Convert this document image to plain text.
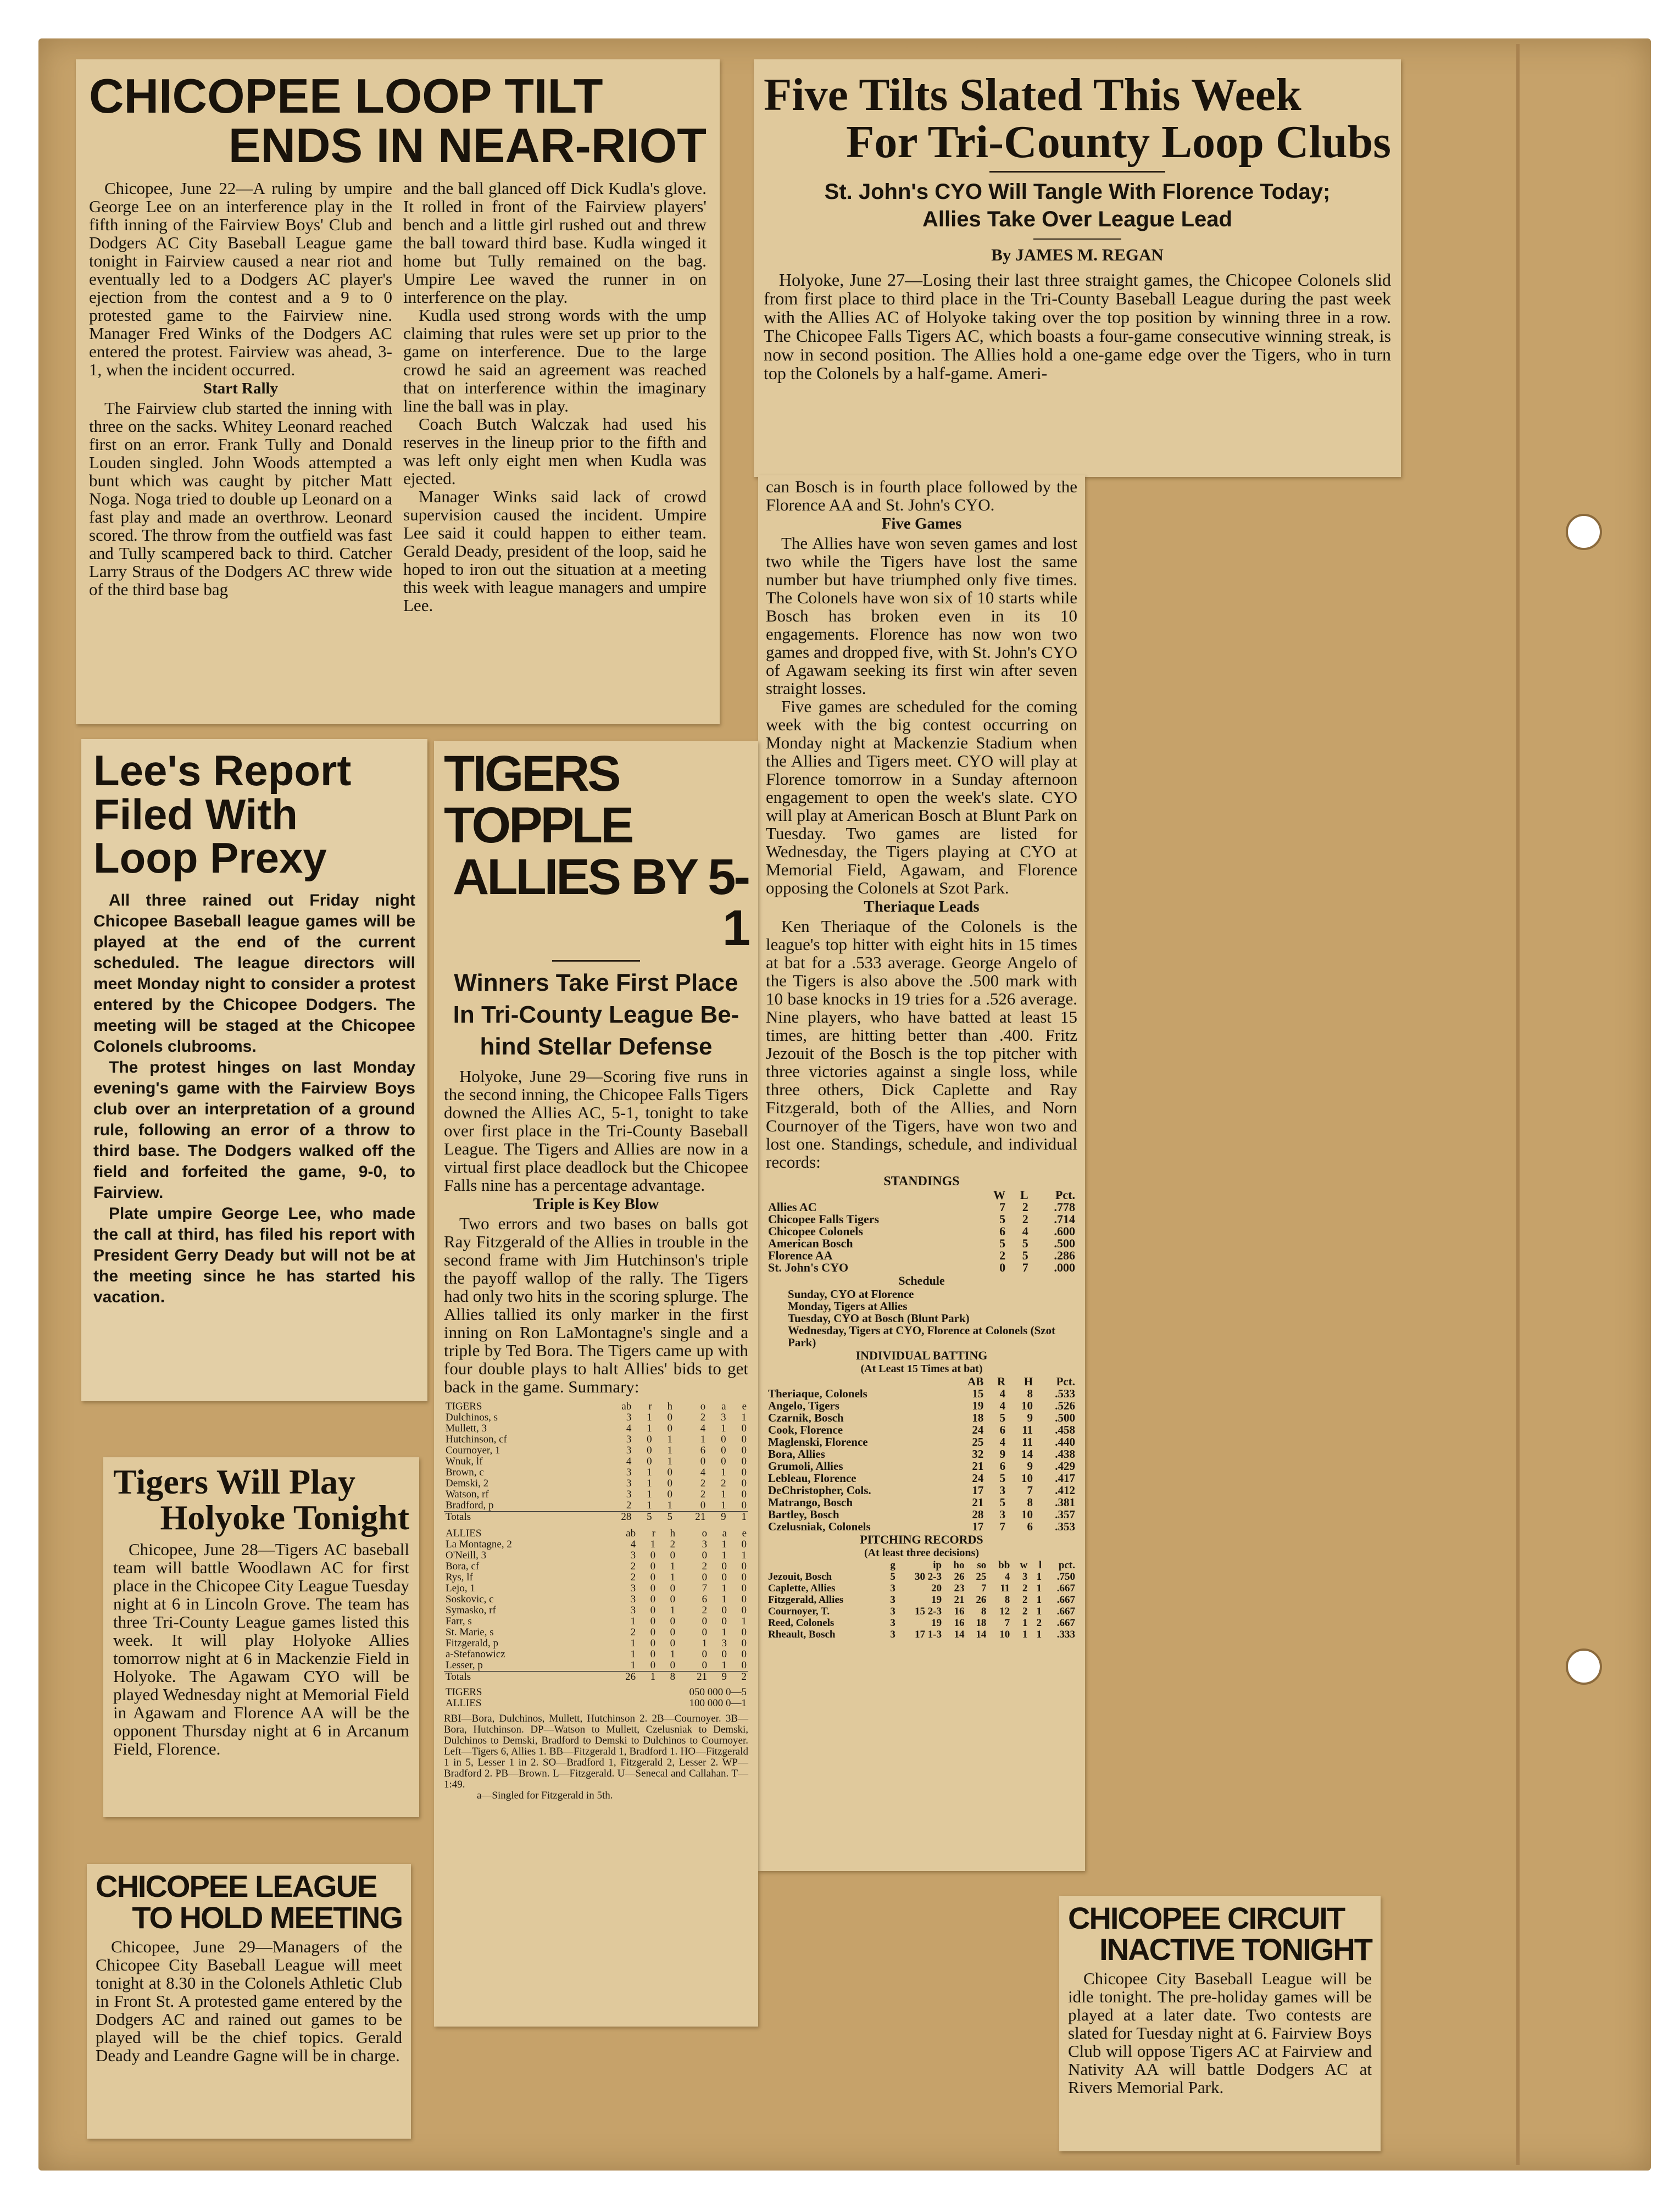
CHICOPEE LOOP TILT
ENDS IN NEAR-RIOT

Chicopee, June 22—A ruling by umpire George Lee on an interference play in the fifth inning of the Fairview Boys' Club and Dodgers AC City Baseball League game tonight in Fairview caused a near riot and eventually led to a Dodgers AC player's ejection from the contest and a 9 to 0 protested game to the Fairview nine. Manager Fred Winks of the Dodgers AC entered the protest. Fairview was ahead, 3-1, when the incident occurred.

Start Rally

The Fairview club started the inning with three on the sacks. Whitey Leonard reached first on an error. Frank Tully and Donald Louden singled. John Woods attempted a bunt which was caught by pitcher Matt Noga. Noga tried to double up Leonard on a fast play and made an overthrow. Leonard scored. The throw from the outfield was fast and Tully scampered back to third. Catcher Larry Straus of the Dodgers AC threw wide of the third base bag

and the ball glanced off Dick Kudla's glove. It rolled in front of the Fairview players' bench and a little girl rushed out and threw the ball toward third base. Kudla winged it home but Tully remained on the bag. Umpire Lee waved the runner in on interference on the play.

Kudla used strong words with the ump claiming that rules were set up prior to the game on interference. Due to the large crowd he said an agreement was reached that on interference within the imaginary line the ball was in play.

Coach Butch Walczak had used his reserves in the lineup prior to the fifth and was left only eight men when Kudla was ejected.

Manager Winks said lack of crowd supervision caused the incident. Umpire Lee said it could happen to either team. Gerald Deady, president of the loop, said he hoped to iron out the situation at a meeting this week with league managers and umpire Lee.

Five Tilts Slated This Week
For Tri-County Loop Clubs
St. John's CYO Will Tangle With Florence Today;
Allies Take Over League Lead
By JAMES M. REGAN

Holyoke, June 27—Losing their last three straight games, the Chicopee Colonels slid from first place to third place in the Tri-County Baseball League during the past week with the Allies AC of Holyoke taking over the top position by winning three in a row. The Chicopee Falls Tigers AC, which boasts a four-game consecutive winning streak, is now in second position. The Allies hold a one-game edge over the Tigers, who in turn top the Colonels by a half-game. Ameri-

can Bosch is in fourth place followed by the Florence AA and St. John's CYO.

Five Games

The Allies have won seven games and lost two while the Tigers have lost the same number but have triumphed only five times. The Colonels have won six of 10 starts while Bosch has broken even in its 10 engagements. Florence has now won two games and dropped five, with St. John's CYO of Agawam seeking its first win after seven straight losses.

Five games are scheduled for the coming week with the big contest occurring on Monday night at Mackenzie Stadium when the Allies and Tigers meet. CYO will play at Florence tomorrow in a Sunday afternoon engagement to open the week's slate. CYO will play at American Bosch at Blunt Park on Tuesday. Two games are listed for Wednesday, the Tigers playing at CYO at Memorial Field, Agawam, and Florence opposing the Colonels at Szot Park.

Theriaque Leads

Ken Theriaque of the Colonels is the league's top hitter with eight hits in 15 times at bat for a .533 average. George Angelo of the Tigers is also above the .500 mark with 10 base knocks in 19 tries for a .526 average. Nine players, who have batted at least 15 times, are hitting better than .400. Fritz Jezouit of the Bosch is the top pitcher with three victories against a single loss, while three others, Dick Caplette and Ray Fitzgerald, both of the Allies, and Norn Cournoyer of the Tigers, have won two and lost one. Standings, schedule, and individual records:

STANDINGS
	W	L	Pct.
Allies AC	7	2	.778
Chicopee Falls Tigers	5	2	.714
Chicopee Colonels	6	4	.600
American Bosch	5	5	.500
Florence AA	2	5	.286
St. John's CYO	0	7	.000
Schedule
Sunday, CYO at Florence
Monday, Tigers at Allies
Tuesday, CYO at Bosch (Blunt Park)
Wednesday, Tigers at CYO, Florence at Colonels (Szot Park)
INDIVIDUAL BATTING
(At Least 15 Times at bat)
	AB	R	H	Pct.
Theriaque, Colonels	15	4	8	.533
Angelo, Tigers	19	4	10	.526
Czarnik, Bosch	18	5	9	.500
Cook, Florence	24	6	11	.458
Maglenski, Florence	25	4	11	.440
Bora, Allies	32	9	14	.438
Grumoli, Allies	21	6	9	.429
Lebleau, Florence	24	5	10	.417
DeChristopher, Cols.	17	3	7	.412
Matrango, Bosch	21	5	8	.381
Bartley, Bosch	28	3	10	.357
Czelusniak, Colonels	17	7	6	.353
PITCHING RECORDS
(At least three decisions)
	g	ip	ho	so	bb	w	l	pct.
Jezouit, Bosch	5	30 2-3	26	25	4	3	1	.750
Caplette, Allies	3	20	23	7	11	2	1	.667
Fitzgerald, Allies	3	19	21	26	8	2	1	.667
Cournoyer, T.	3	15 2-3	16	8	12	2	1	.667
Reed, Colonels	3	19	16	18	7	1	2	.667
Rheault, Bosch	3	17 1-3	14	14	10	1	1	.333
Lee's Report
Filed With
Loop Prexy

All three rained out Friday night Chicopee Baseball league games will be played at the end of the current scheduled. The league directors will meet Monday night to consider a protest entered by the Chicopee Dodgers. The meeting will be staged at the Chicopee Colonels clubrooms.

The protest hinges on last Monday evening's game with the Fairview Boys club over an interpretation of a ground rule, following an error of a throw to third base. The Dodgers walked off the field and forfeited the game, 9-0, to Fairview.

Plate umpire George Lee, who made the call at third, has filed his report with President Gerry Deady but will not be at the meeting since he has started his vacation.

TIGERS TOPPLE
ALLIES BY 5-1
Winners Take First Place
In Tri-County League Be-
hind Stellar Defense

Holyoke, June 29—Scoring five runs in the second inning, the Chicopee Falls Tigers downed the Allies AC, 5-1, tonight to take over first place in the Tri-County Baseball League. The Tigers and Allies are now in a virtual first place deadlock but the Chicopee Falls nine has a percentage advantage.

Triple is Key Blow

Two errors and two bases on balls got Ray Fitzgerald of the Allies in trouble in the second frame with Jim Hutchinson's triple the payoff wallop of the rally. The Tigers had only two hits in the scoring splurge. The Allies tallied its only marker in the first inning on Ron LaMontagne's single and a triple by Ted Bora. The Tigers came up with four double plays to halt Allies' bids to get back in the game. Summary:

TIGERS	ab	r	h	o	a	e
Dulchinos, s	3	1	0	2	3	1
Mullett, 3	4	1	0	4	1	0
Hutchinson, cf	3	0	1	1	0	0
Cournoyer, 1	3	0	1	6	0	0
Wnuk, lf	4	0	1	0	0	0
Brown, c	3	1	0	4	1	0
Demski, 2	3	1	0	2	2	0
Watson, rf	3	1	0	2	1	0
Bradford, p	2	1	1	0	1	0
Totals	28	5	5	21	9	1
ALLIES	ab	r	h	o	a	e
La Montagne, 2	4	1	2	3	1	0
O'Neill, 3	3	0	0	0	1	1
Bora, cf	2	0	1	2	0	0
Rys, lf	2	0	1	0	0	0
Lejo, 1	3	0	0	7	1	0
Soskovic, c	3	0	0	6	1	0
Symasko, rf	3	0	1	2	0	0
Farr, s	1	0	0	0	0	1
St. Marie, s	2	0	0	0	1	0
Fitzgerald, p	1	0	0	1	3	0
a-Stefanowicz	1	0	1	0	0	0
Lesser, p	1	0	0	0	1	0
Totals	26	1	8	21	9	2
TIGERS	050 000 0—5
ALLIES	100 000 0—1
RBI—Bora, Dulchinos, Mullett, Hutchinson 2. 2B—Cournoyer. 3B—Bora, Hutchinson. DP—Watson to Mullett, Czelusniak to Demski, Dulchinos to Demski, Bradford to Demski to Dulchinos to Cournoyer. Left—Tigers 6, Allies 1. BB—Fitzgerald 1, Bradford 1. HO—Fitzgerald 1 in 5, Lesser 1 in 2. SO—Bradford 1, Fitzgerald 2, Lesser 2. WP—Bradford 2. PB—Brown. L—Fitzgerald. U—Senecal and Callahan. T—1:49.
a—Singled for Fitzgerald in 5th.
Tigers Will Play
Holyoke Tonight

Chicopee, June 28—Tigers AC baseball team will battle Woodlawn AC for first place in the Chicopee City League Tuesday night at 6 in Lincoln Grove. The team has three Tri-County League games listed this week. It will play Holyoke Allies tomorrow night at 6 in Mackenzie Field in Holyoke. The Agawam CYO will be played Wednesday night at Memorial Field in Agawam and Florence AA will be the opponent Thursday night at 6 in Arcanum Field, Florence.

CHICOPEE LEAGUE
TO HOLD MEETING

Chicopee, June 29—Managers of the Chicopee City Baseball League will meet tonight at 8.30 in the Colonels Athletic Club in Front St. A protested game entered by the Dodgers AC and rained out games to be played will be the chief topics. Gerald Deady and Leandre Gagne will be in charge.

CHICOPEE CIRCUIT
INACTIVE TONIGHT

Chicopee City Baseball League will be idle tonight. The pre-holiday games will be played at a later date. Two contests are slated for Tuesday night at 6. Fairview Boys Club will oppose Tigers AC at Fairview and Nativity AA will battle Dodgers AC at Rivers Memorial Park.
